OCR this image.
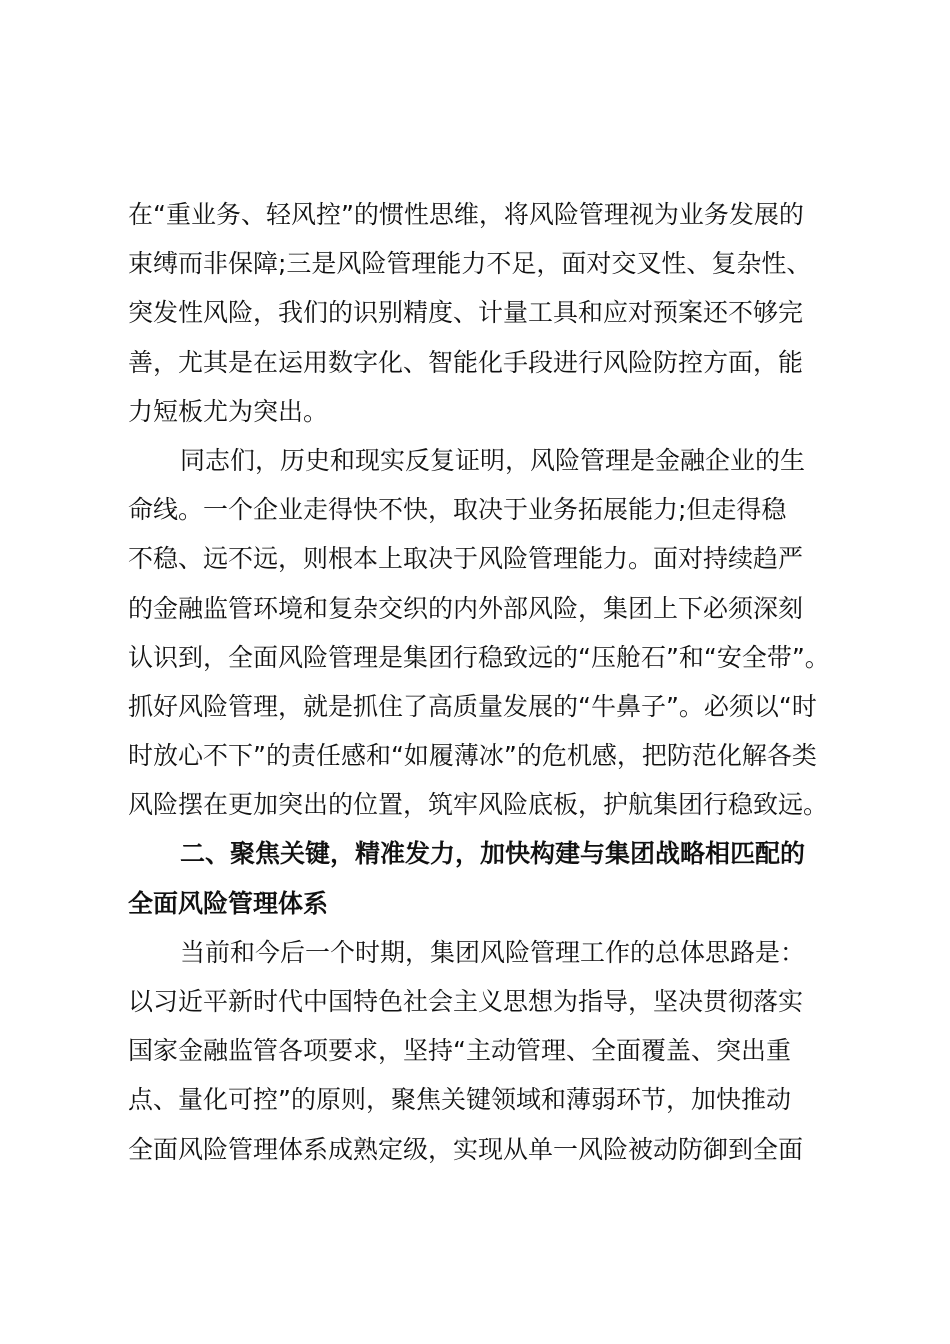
在“重业务、轻风控”的惯性思维，将风险管理视为业务发展的
束缚而非保障;三是风险管理能力不足，面对交叉性、复杂性、
突发性风险，我们的识别精度、计量工具和应对预案还不够完
善，尤其是在运用数字化、智能化手段进行风险防控方面，能
力短板尤为突出。
同志们，历史和现实反复证明，风险管理是金融企业的生
命线。一个企业走得快不快，取决于业务拓展能力;但走得稳
不稳、远不远，则根本上取决于风险管理能力。面对持续趋严
的金融监管环境和复杂交织的内外部风险，集团上下必须深刻
认识到，全面风险管理是集团行稳致远的“压舱石”和“安全带”。
抓好风险管理，就是抓住了高质量发展的“牛鼻子”。必须以“时
时放心不下”的责任感和“如履薄冰”的危机感，把防范化解各类
风险摆在更加突出的位置，筑牢风险底板，护航集团行稳致远。
二、聚焦关键，精准发力，加快构建与集团战略相匹配的
全面风险管理体系
当前和今后一个时期，集团风险管理工作的总体思路是：
以习近平新时代中国特色社会主义思想为指导，坚决贯彻落实
国家金融监管各项要求，坚持“主动管理、全面覆盖、突出重
点、量化可控”的原则，聚焦关键领域和薄弱环节，加快推动
全面风险管理体系成熟定级，实现从单一风险被动防御到全面
